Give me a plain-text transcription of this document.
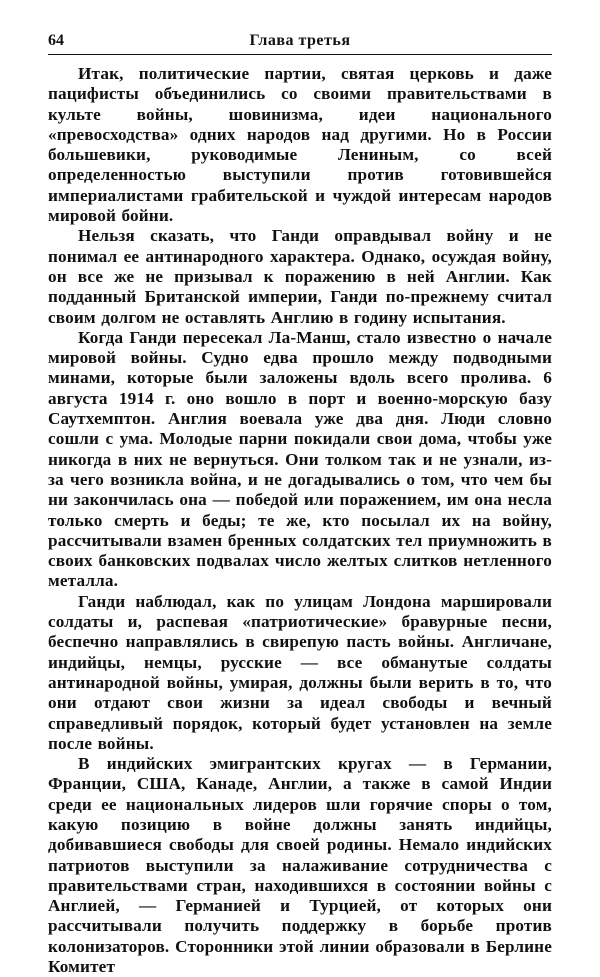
64	Глава третья

Итак, политические партии, святая церковь и даже пацифисты объединились со своими правительствами в культе войны, шовинизма, идеи национального «превосходства» одних народов над другими. Но в России большевики, руководимые Лениным, со всей определенностью выступили против готовившейся империалистами грабительской и чуждой интересам народов мировой бойни.

Нельзя сказать, что Ганди оправдывал войну и не понимал ее антинародного характера. Однако, осуждая войну, он все же не призывал к поражению в ней Англии. Как подданный Британской империи, Ганди по-прежнему считал своим долгом не оставлять Англию в годину испытания.

Когда Ганди пересекал Ла-Манш, стало известно о начале мировой войны. Судно едва прошло между подводными минами, которые были заложены вдоль всего пролива. 6 августа 1914 г. оно вошло в порт и военно-морскую базу Саутхемптон. Англия воевала уже два дня. Люди словно сошли с ума. Молодые парни покидали свои дома, чтобы уже никогда в них не вернуться. Они толком так и не узнали, из-за чего возникла война, и не догадывались о том, что чем бы ни закончилась она — победой или поражением, им она несла только смерть и беды; те же, кто посылал их на войну, рассчитывали взамен бренных солдатских тел приумножить в своих банковских подвалах число желтых слитков нетленного металла.

Ганди наблюдал, как по улицам Лондона маршировали солдаты и, распевая «патриотические» бравурные песни, беспечно направлялись в свирепую пасть войны. Англичане, индийцы, немцы, русские — все обманутые солдаты антинародной войны, умирая, должны были верить в то, что они отдают свои жизни за идеал свободы и вечный справедливый порядок, который будет установлен на земле после войны.

В индийских эмигрантских кругах — в Германии, Франции, США, Канаде, Англии, а также в самой Индии среди ее национальных лидеров шли горячие споры о том, какую позицию в войне должны занять индийцы, добивавшиеся свободы для своей родины. Немало индийских патриотов выступили за налаживание сотрудничества с правительствами стран, находившихся в состоянии войны с Англией, — Германией и Турцией, от которых они рассчитывали получить поддержку в борьбе против колонизаторов. Сторонники этой линии образовали в Берлине Комитет
